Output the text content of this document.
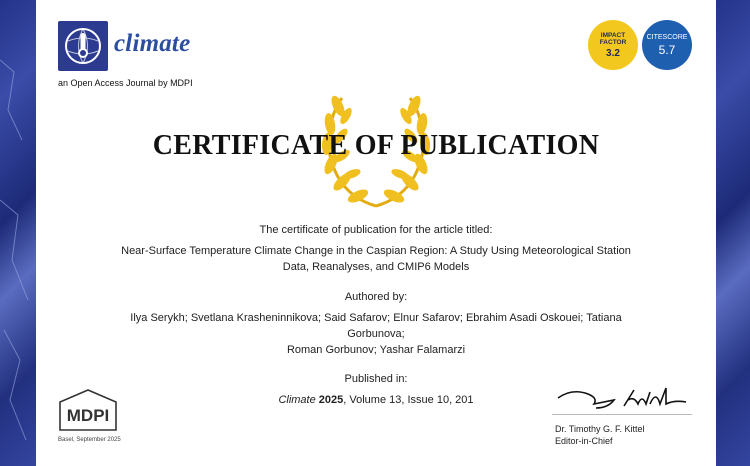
climate
an Open Access Journal by MDPI
IMPACT
FACTOR
3.2
CITESCORE
5.7
CERTIFICATE OF PUBLICATION
The certificate of publication for the article titled:
Near-Surface Temperature Climate Change in the Caspian Region: A Study Using Meteorological Station
Data, Reanalyses, and CMIP6 Models
Authored by:
Ilya Serykh; Svetlana Krasheninnikova; Said Safarov; Elnur Safarov; Ebrahim Asadi Oskouei; Tatiana
Gorbunova;
Roman Gorbunov; Yashar Falamarzi
Published in:
Climate 2025, Volume 13, Issue 10, 201
MDPI
Basel, September 2025
Dr. Timothy G. F. Kittel
Editor-in-Chief
